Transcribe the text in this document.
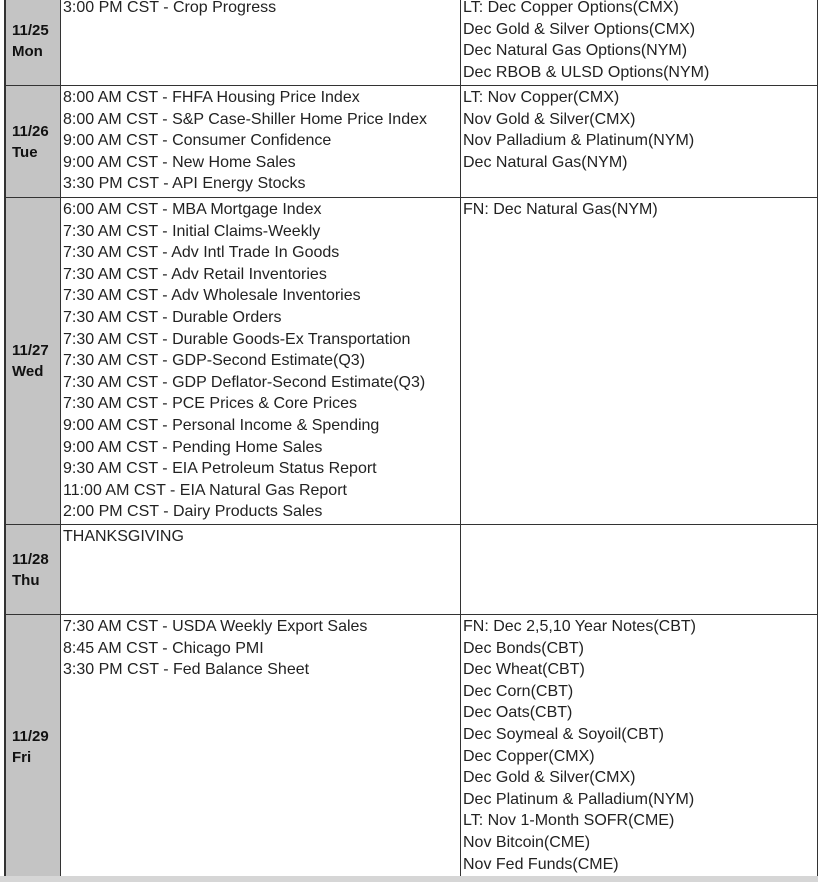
11/25
Mon
3:00 PM CST - Crop Progress	LT: Dec Copper Options(CMX)
Dec Gold & Silver Options(CMX)
Dec Natural Gas Options(NYM)
Dec RBOB & ULSD Options(NYM)
11/26
Tue
8:00 AM CST - FHFA Housing Price Index
8:00 AM CST - S&P Case-Shiller Home Price Index
9:00 AM CST - Consumer Confidence
9:00 AM CST - New Home Sales
3:30 PM CST - API Energy Stocks
LT: Nov Copper(CMX)
Nov Gold & Silver(CMX)
Nov Palladium & Platinum(NYM)
Dec Natural Gas(NYM)
11/27
Wed
6:00 AM CST - MBA Mortgage Index
7:30 AM CST - Initial Claims-Weekly
7:30 AM CST - Adv Intl Trade In Goods
7:30 AM CST - Adv Retail Inventories
7:30 AM CST - Adv Wholesale Inventories
7:30 AM CST - Durable Orders
7:30 AM CST - Durable Goods-Ex Transportation
7:30 AM CST - GDP-Second Estimate(Q3)
7:30 AM CST - GDP Deflator-Second Estimate(Q3)
7:30 AM CST - PCE Prices & Core Prices
9:00 AM CST - Personal Income & Spending
9:00 AM CST - Pending Home Sales
9:30 AM CST - EIA Petroleum Status Report
11:00 AM CST - EIA Natural Gas Report
2:00 PM CST - Dairy Products Sales
FN: Dec Natural Gas(NYM)
11/28
Thu
THANKSGIVING
11/29
Fri
7:30 AM CST - USDA Weekly Export Sales
8:45 AM CST - Chicago PMI
3:30 PM CST - Fed Balance Sheet
FN: Dec 2,5,10 Year Notes(CBT)
Dec Bonds(CBT)
Dec Wheat(CBT)
Dec Corn(CBT)
Dec Oats(CBT)
Dec Soymeal & Soyoil(CBT)
Dec Copper(CMX)
Dec Gold & Silver(CMX)
Dec Platinum & Palladium(NYM)
LT: Nov 1-Month SOFR(CME)
Nov Bitcoin(CME)
Nov Fed Funds(CME)
